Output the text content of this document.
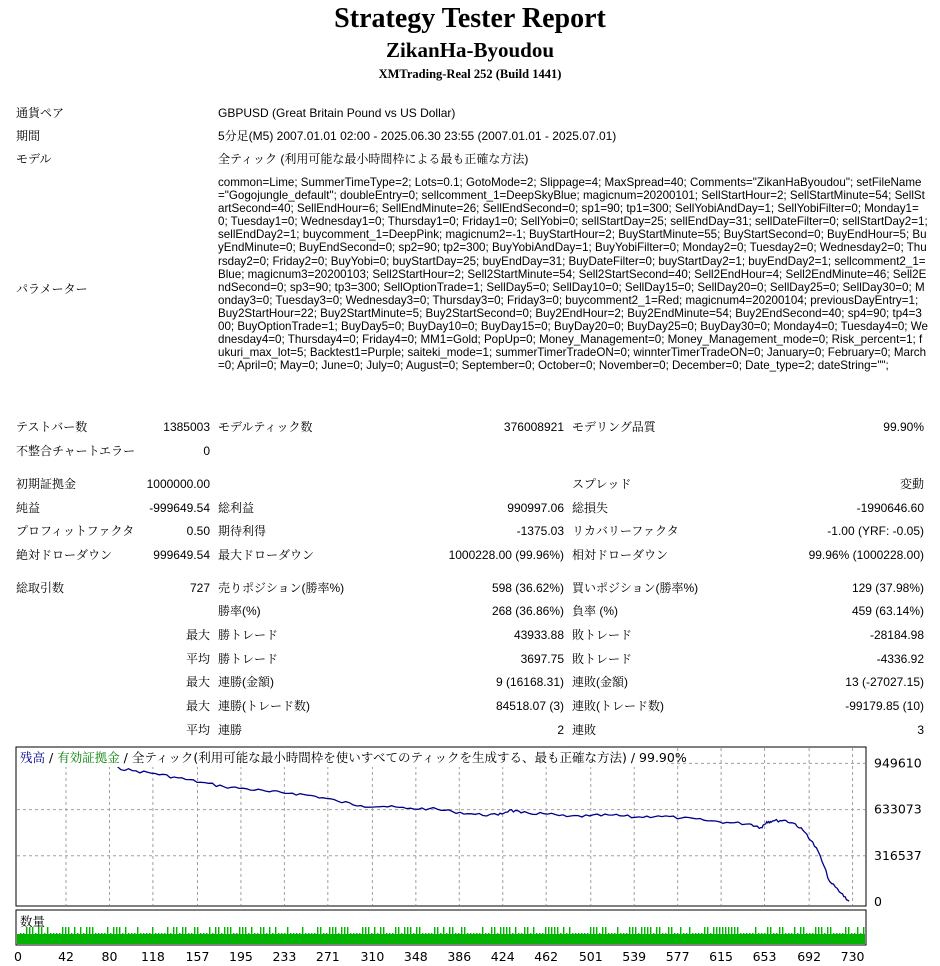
Strategy Tester Report
ZikanHa-Byoudou
XMTrading-Real 252 (Build 1441)
通貨ペア	GBPUSD (Great Britain Pound vs US Dollar)
期間	5分足(M5) 2007.01.01 02:00 - 2025.06.30 23:55 (2007.01.01 - 2025.07.01)
モデル	全ティック (利用可能な最小時間枠による最も正確な方法)
パラメーター
common=Lime; SummerTimeType=2; Lots=0.1; GotoMode=2; Slippage=4; MaxSpread=40; Comments="ZikanHaByoudou"; setFileName="Gogojungle_default"; doubleEntry=0; sellcomment_1=DeepSkyBlue; magicnum=20200101; SellStartHour=2; SellStartMinute=54; SellStartSecond=40; SellEndHour=6; SellEndMinute=26; SellEndSecond=0; sp1=90; tp1=300; SellYobiAndDay=1; SellYobiFilter=0; Monday1=0; Tuesday1=0; Wednesday1=0; Thursday1=0; Friday1=0; SellYobi=0; sellStartDay=25; sellEndDay=31; sellDateFilter=0; sellStartDay2=1; sellEndDay2=1; buycomment_1=DeepPink; magicnum2=-1; BuyStartHour=2; BuyStartMinute=55; BuyStartSecond=0; BuyEndHour=5; BuyEndMinute=0; BuyEndSecond=0; sp2=90; tp2=300; BuyYobiAndDay=1; BuyYobiFilter=0; Monday2=0; Tuesday2=0; Wednesday2=0; Thursday2=0; Friday2=0; BuyYobi=0; buyStartDay=25; buyEndDay=31; BuyDateFilter=0; buyStartDay2=1; buyEndDay2=1; sellcomment2_1=Blue; magicnum3=20200103; Sell2StartHour=2; Sell2StartMinute=54; Sell2StartSecond=40; Sell2EndHour=4; Sell2EndMinute=46; Sell2EndSecond=0; sp3=90; tp3=300; SellOptionTrade=1; SellDay5=0; SellDay10=0; SellDay15=0; SellDay20=0; SellDay25=0; SellDay30=0; Monday3=0; Tuesday3=0; Wednesday3=0; Thursday3=0; Friday3=0; buycomment2_1=Red; magicnum4=20200104; previousDayEntry=1; Buy2StartHour=22; Buy2StartMinute=5; Buy2StartSecond=0; Buy2EndHour=2; Buy2EndMinute=54; Buy2EndSecond=40; sp4=90; tp4=300; BuyOptionTrade=1; BuyDay5=0; BuyDay10=0; BuyDay15=0; BuyDay20=0; BuyDay25=0; BuyDay30=0; Monday4=0; Tuesday4=0; Wednesday4=0; Thursday4=0; Friday4=0; MM1=Gold; PopUp=0; Money_Management=0; Money_Management_mode=0; Risk_percent=1; fukuri_max_lot=5; Backtest1=Purple; saiteki_mode=1; summerTimerTradeON=0; winnterTimerTradeON=0; January=0; February=0; March=0; April=0; May=0; June=0; July=0; August=0; September=0; October=0; November=0; December=0; Date_type=2; dateString="";
テストバー数	1385003 モデルティック数	376008921 モデリング品質	99.90%
不整合チャートエラー	0
初期証拠金	1000000.00	スプレッド	変動
純益	-999649.54 総利益	990997.06 総損失	-1990646.60
プロフィットファクタ	0.50 期待利得	-1375.03 リカバリーファクタ	-1.00 (YRF: -0.05)
絶対ドローダウン	999649.54 最大ドローダウン	1000228.00 (99.96%) 相対ドローダウン	99.96% (1000228.00)
総取引数	727 売りポジション(勝率%)	598 (36.62%) 買いポジション(勝率%)	129 (37.98%)
勝率(%)	268 (36.86%) 負率 (%)	459 (63.14%)
最大 勝トレード	43933.88 敗トレード	-28184.98
平均 勝トレード	3697.75 敗トレード	-4336.92
最大 連勝(金額)	9 (16168.31) 連敗(金額)	13 (-27027.15)
最大 連勝(トレード数)	84518.07 (3) 連敗(トレード数)	-99179.85 (10)
平均 連勝	2 連敗	3
949610
633073
316537
0
残高 / 有効証拠金 / 全ティック(利用可能な最小時間枠を使いすべてのティックを生成する、最も正確な方法) / 99.90%
数量
0	42 80 118 157 195 233 271 310 348 386 424 462 501 539 577 615 653 692 730
